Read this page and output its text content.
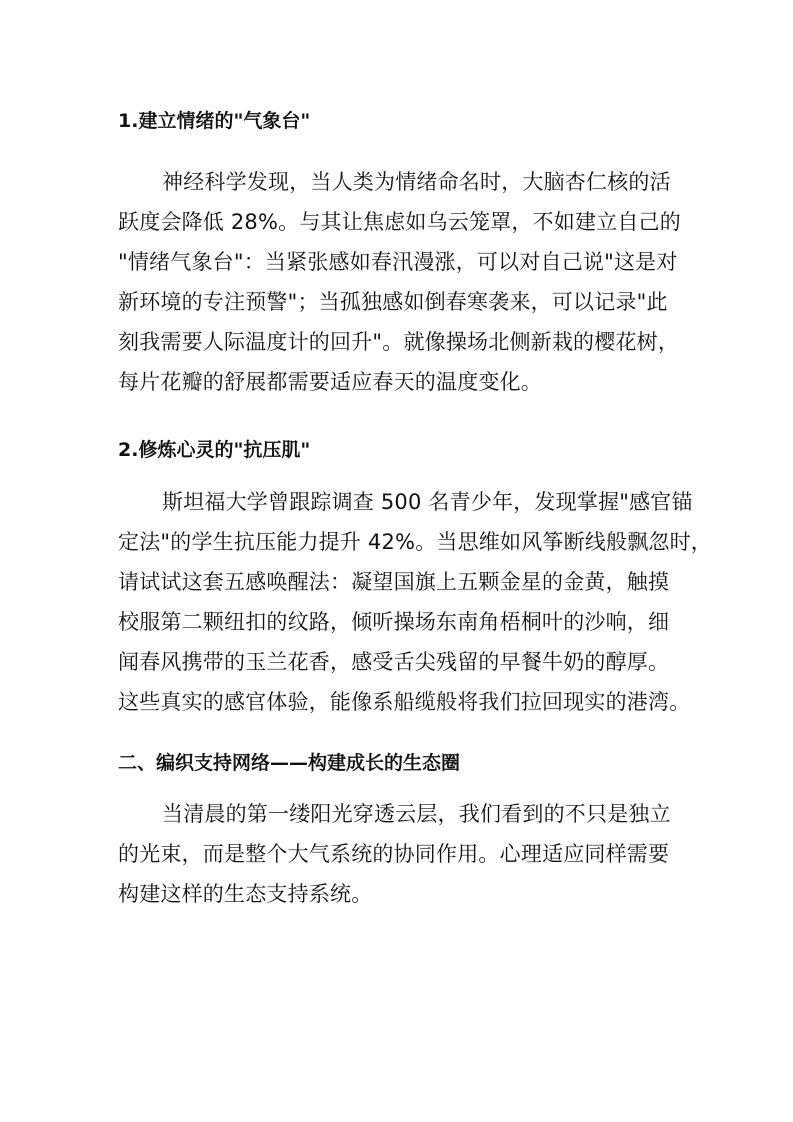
1.建立情绪的"气象台"
神经科学发现，当人类为情绪命名时，大脑杏仁核的活
跃度会降低 28%。与其让焦虑如乌云笼罩，不如建立自己的
"情绪气象台"：当紧张感如春汛漫涨，可以对自己说"这是对
新环境的专注预警"；当孤独感如倒春寒袭来，可以记录"此
刻我需要人际温度计的回升"。就像操场北侧新栽的樱花树，
每片花瓣的舒展都需要适应春天的温度变化。
2.修炼心灵的"抗压肌"
斯坦福大学曾跟踪调查 500 名青少年，发现掌握"感官锚
定法"的学生抗压能力提升 42%。当思维如风筝断线般飘忽时，
请试试这套五感唤醒法：凝望国旗上五颗金星的金黄，触摸
校服第二颗纽扣的纹路，倾听操场东南角梧桐叶的沙响，细
闻春风携带的玉兰花香，感受舌尖残留的早餐牛奶的醇厚。
这些真实的感官体验，能像系船缆般将我们拉回现实的港湾。
二、编织支持网络——构建成长的生态圈
当清晨的第一缕阳光穿透云层，我们看到的不只是独立
的光束，而是整个大气系统的协同作用。心理适应同样需要
构建这样的生态支持系统。
